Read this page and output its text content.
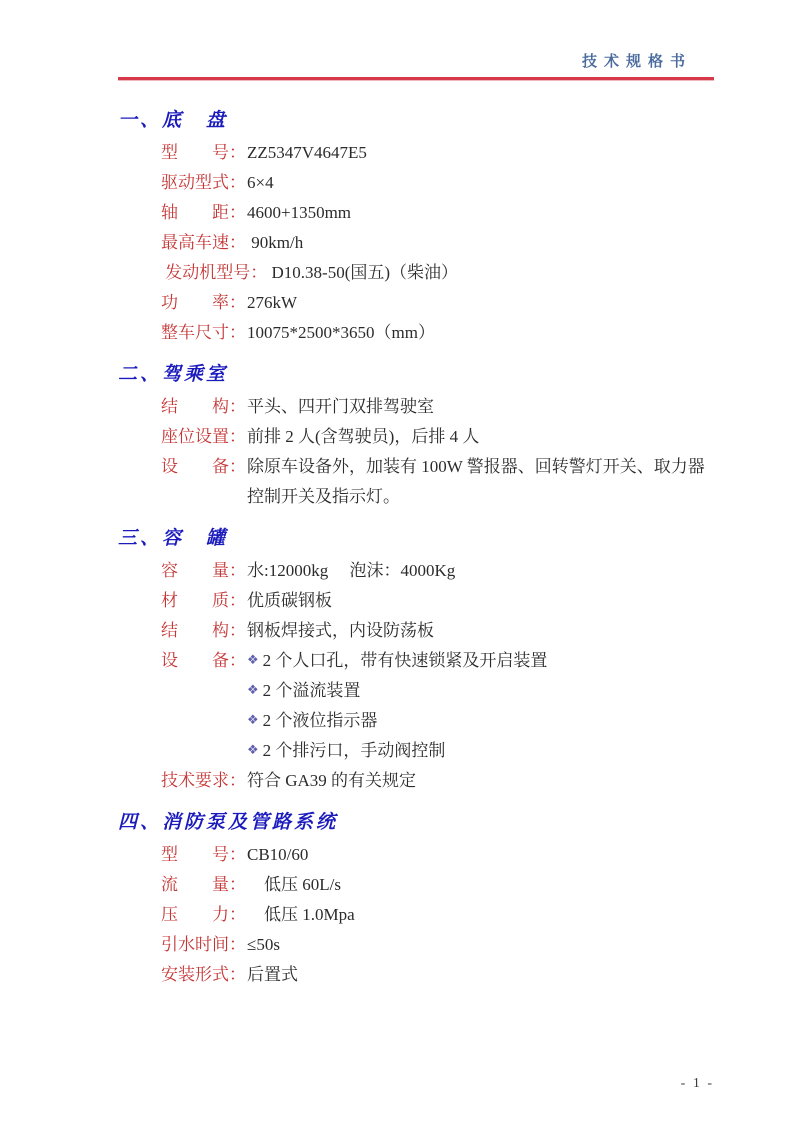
技术规格书
一、底　盘
型　　号： ZZ5347V4647E5
驱动型式： 6×4
轴　　距： 4600+1350mm
最高车速： 90km/h
发动机型号： D10.38-50(国五)（柴油）
功　　率： 276kW
整车尺寸： 10075*2500*3650（mm）
二、驾乘室
结　　构： 平头、四开门双排驾驶室
座位设置： 前排 2 人(含驾驶员)，后排 4 人
设　　备： 除原车设备外，加装有 100W 警报器、回转警灯开关、取力器控制开关及指示灯。
三、容　罐
容　　量： 水:12000kg　 泡沫：4000Kg
材　　质： 优质碳钢板
结　　构： 钢板焊接式，内设防荡板
设　　备： ❖ 2 个人口孔，带有快速锁紧及开启装置
❖ 2 个溢流装置
❖ 2 个液位指示器
❖ 2 个排污口，手动阀控制
技术要求： 符合 GA39 的有关规定
四、消防泵及管路系统
型　　号： CB10/60
流　　量： 　低压 60L/s
压　　力： 　低压 1.0Mpa
引水时间： ≤50s
安装形式： 后置式
- 1 -
